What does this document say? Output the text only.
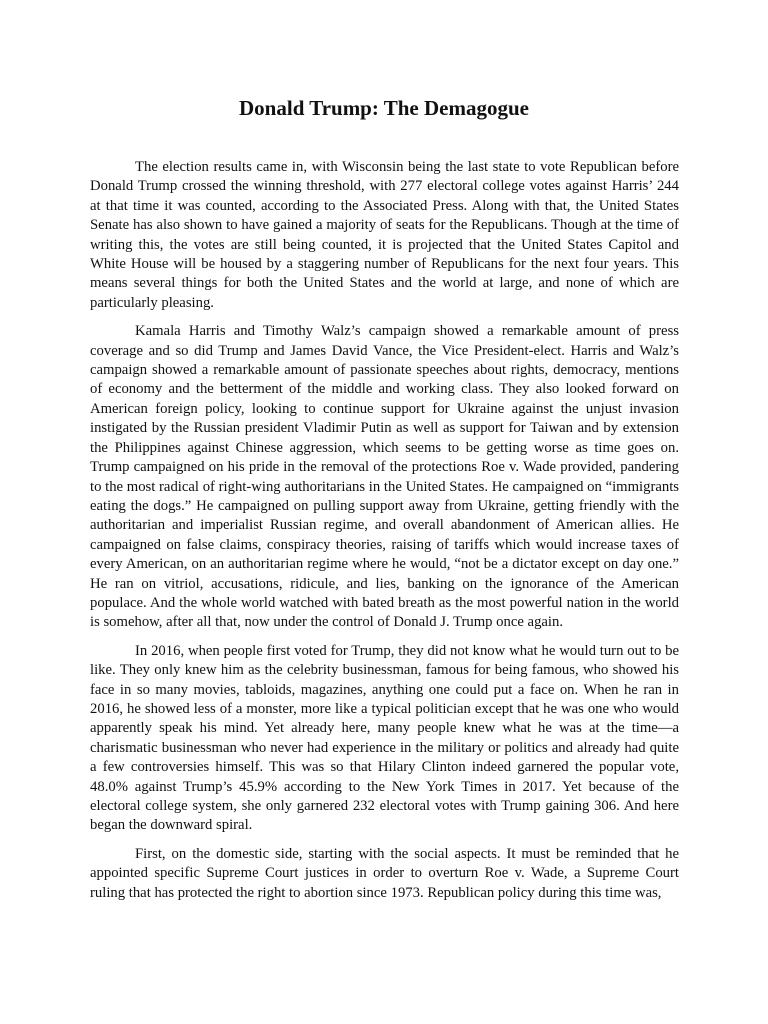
Donald Trump: The Demagogue

The election results came in, with Wisconsin being the last state to vote Republican before Donald Trump crossed the winning threshold, with 277 electoral college votes against Harris’ 244 at that time it was counted, according to the Associated Press. Along with that, the United States Senate has also shown to have gained a majority of seats for the Republicans. Though at the time of writing this, the votes are still being counted, it is projected that the United States Capitol and White House will be housed by a staggering number of Republicans for the next four years. This means several things for both the United States and the world at large, and none of which are particularly pleasing.

Kamala Harris and Timothy Walz’s campaign showed a remarkable amount of press coverage and so did Trump and James David Vance, the Vice President-elect. Harris and Walz’s campaign showed a remarkable amount of passionate speeches about rights, democracy, mentions of economy and the betterment of the middle and working class. They also looked forward on American foreign policy, looking to continue support for Ukraine against the unjust invasion instigated by the Russian president Vladimir Putin as well as support for Taiwan and by extension the Philippines against Chinese aggression, which seems to be getting worse as time goes on. Trump campaigned on his pride in the removal of the protections Roe v. Wade provided, pandering to the most radical of right-wing authoritarians in the United States. He campaigned on “immigrants eating the dogs.” He campaigned on pulling support away from Ukraine, getting friendly with the authoritarian and imperialist Russian regime, and overall abandonment of American allies. He campaigned on false claims, conspiracy theories, raising of tariffs which would increase taxes of every American, on an authoritarian regime where he would, “not be a dictator except on day one.” He ran on vitriol, accusations, ridicule, and lies, banking on the ignorance of the American populace. And the whole world watched with bated breath as the most powerful nation in the world is somehow, after all that, now under the control of Donald J. Trump once again.

In 2016, when people first voted for Trump, they did not know what he would turn out to be like. They only knew him as the celebrity businessman, famous for being famous, who showed his face in so many movies, tabloids, magazines, anything one could put a face on. When he ran in 2016, he showed less of a monster, more like a typical politician except that he was one who would apparently speak his mind. Yet already here, many people knew what he was at the time—a charismatic businessman who never had experience in the military or politics and already had quite a few controversies himself. This was so that Hilary Clinton indeed garnered the popular vote, 48.0% against Trump’s 45.9% according to the New York Times in 2017. Yet because of the electoral college system, she only garnered 232 electoral votes with Trump gaining 306. And here began the downward spiral.

First, on the domestic side, starting with the social aspects. It must be reminded that he appointed specific Supreme Court justices in order to overturn Roe v. Wade, a Supreme Court ruling that has protected the right to abortion since 1973. Republican policy during this time was,
